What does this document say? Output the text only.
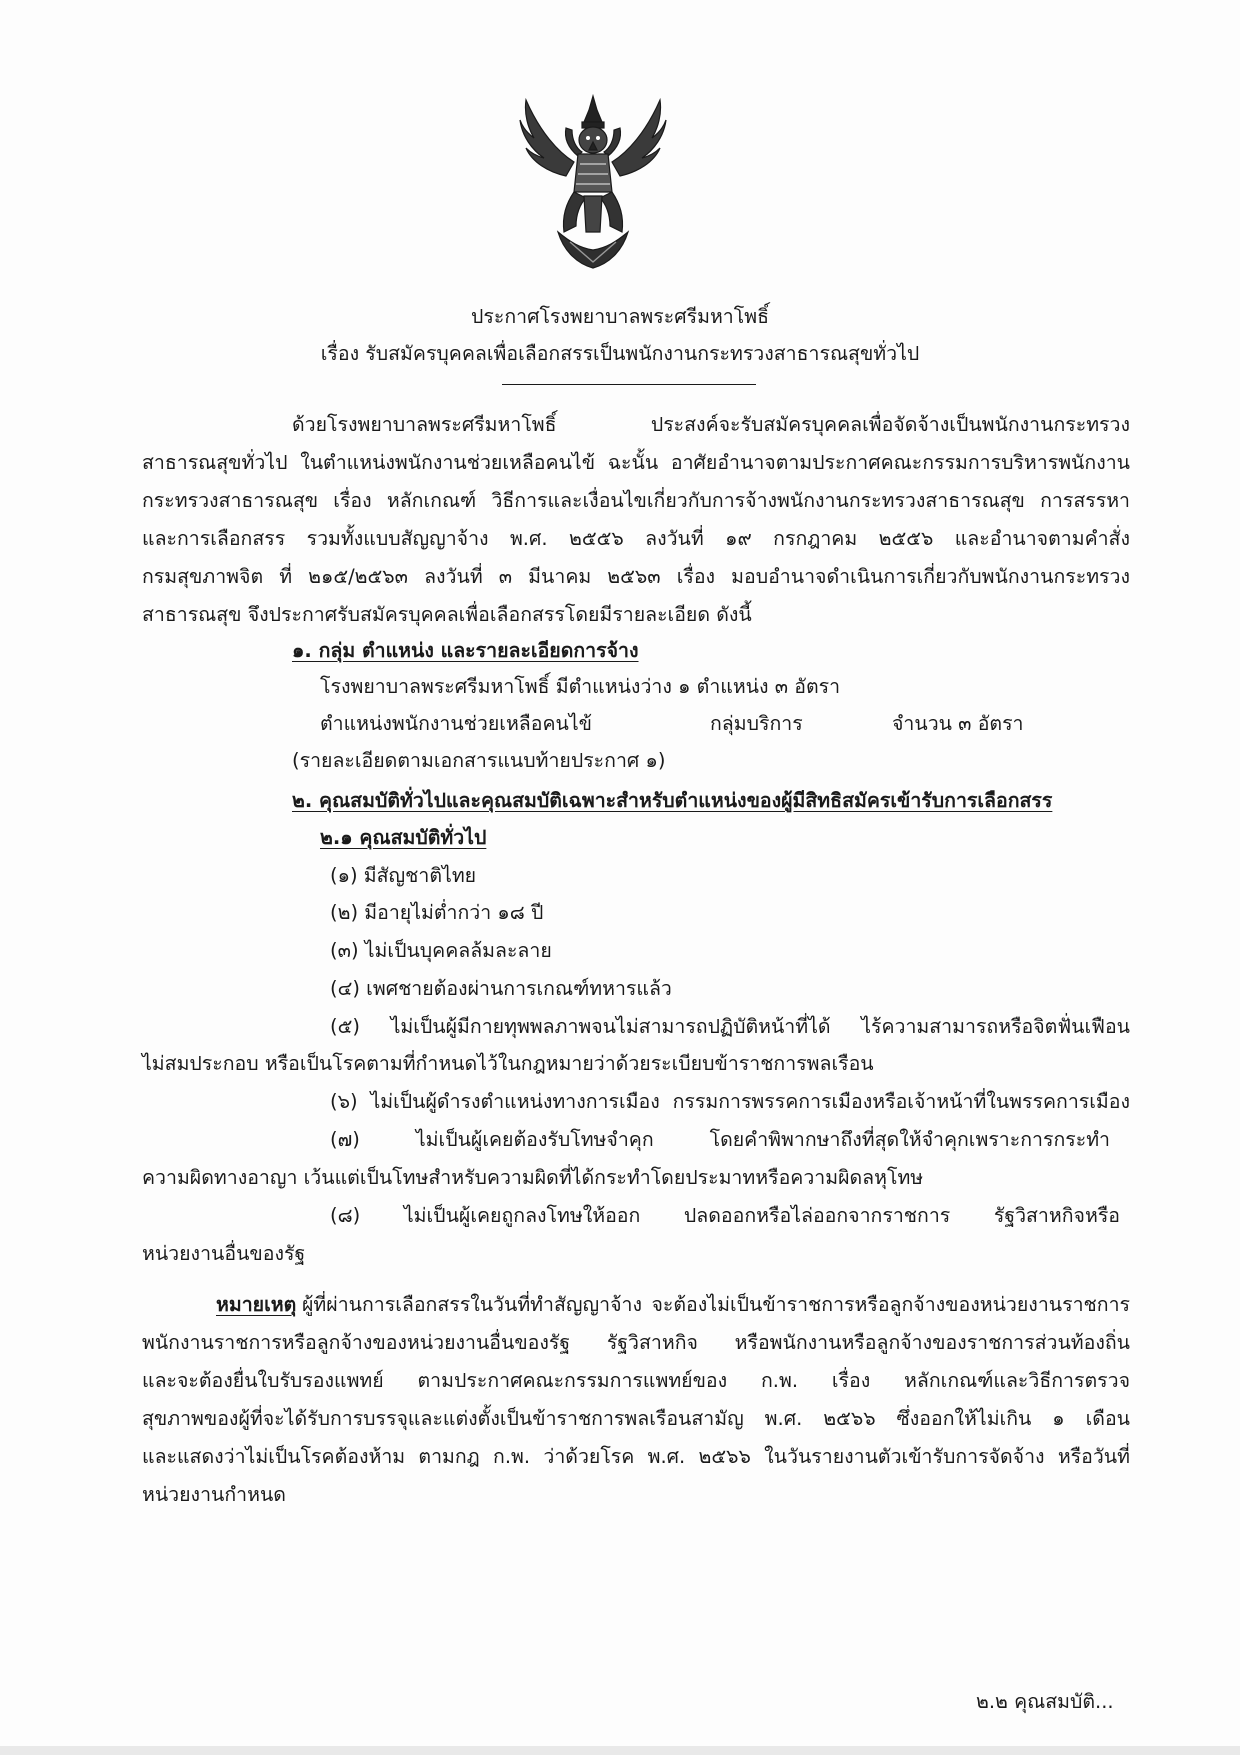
ประกาศโรงพยาบาลพระศรีมหาโพธิ์
เรื่อง รับสมัครบุคคลเพื่อเลือกสรรเป็นพนักงานกระทรวงสาธารณสุขทั่วไป
ด้วยโรงพยาบาลพระศรีมหาโพธิ์ ประสงค์จะรับสมัครบุคคลเพื่อจัดจ้างเป็นพนักงานกระทรวง
สาธารณสุขทั่วไป ในตำแหน่งพนักงานช่วยเหลือคนไข้ ฉะนั้น อาศัยอำนาจตามประกาศคณะกรรมการบริหารพนักงาน
กระทรวงสาธารณสุข เรื่อง หลักเกณฑ์ วิธีการและเงื่อนไขเกี่ยวกับการจ้างพนักงานกระทรวงสาธารณสุข การสรรหา
และการเลือกสรร รวมทั้งแบบสัญญาจ้าง พ.ศ. ๒๕๕๖ ลงวันที่ ๑๙ กรกฎาคม ๒๕๕๖ และอำนาจตามคำสั่ง
กรมสุขภาพจิต ที่ ๒๑๕/๒๕๖๓ ลงวันที่ ๓ มีนาคม ๒๕๖๓ เรื่อง มอบอำนาจดำเนินการเกี่ยวกับพนักงานกระทรวง
สาธารณสุข จึงประกาศรับสมัครบุคคลเพื่อเลือกสรรโดยมีรายละเอียด ดังนี้
๑. กลุ่ม ตำแหน่ง และรายละเอียดการจ้าง
โรงพยาบาลพระศรีมหาโพธิ์ มีตำแหน่งว่าง ๑ ตำแหน่ง ๓ อัตรา
ตำแหน่งพนักงานช่วยเหลือคนไข้	กลุ่มบริการ	จำนวน ๓ อัตรา
(รายละเอียดตามเอกสารแนบท้ายประกาศ ๑)
๒. คุณสมบัติทั่วไปและคุณสมบัติเฉพาะสำหรับตำแหน่งของผู้มีสิทธิสมัครเข้ารับการเลือกสรร
๒.๑ คุณสมบัติทั่วไป
(๑) มีสัญชาติไทย
(๒) มีอายุไม่ต่ำกว่า ๑๘ ปี
(๓) ไม่เป็นบุคคลล้มละลาย
(๔) เพศชายต้องผ่านการเกณฑ์ทหารแล้ว
(๕) ไม่เป็นผู้มีกายทุพพลภาพจนไม่สามารถปฏิบัติหน้าที่ได้ ไร้ความสามารถหรือจิตฟั่นเฟือน
ไม่สมประกอบ หรือเป็นโรคตามที่กำหนดไว้ในกฎหมายว่าด้วยระเบียบข้าราชการพลเรือน
(๖) ไม่เป็นผู้ดำรงตำแหน่งทางการเมือง กรรมการพรรคการเมืองหรือเจ้าหน้าที่ในพรรคการเมือง
(๗) ไม่เป็นผู้เคยต้องรับโทษจำคุก โดยคำพิพากษาถึงที่สุดให้จำคุกเพราะการกระทำ
ความผิดทางอาญา เว้นแต่เป็นโทษสำหรับความผิดที่ได้กระทำโดยประมาทหรือความผิดลหุโทษ
(๘) ไม่เป็นผู้เคยถูกลงโทษให้ออก ปลดออกหรือไล่ออกจากราชการ รัฐวิสาหกิจหรือ
หน่วยงานอื่นของรัฐ
หมายเหตุ ผู้ที่ผ่านการเลือกสรรในวันที่ทำสัญญาจ้าง จะต้องไม่เป็นข้าราชการหรือลูกจ้างของหน่วยงานราชการ
พนักงานราชการหรือลูกจ้างของหน่วยงานอื่นของรัฐ รัฐวิสาหกิจ หรือพนักงานหรือลูกจ้างของราชการส่วนท้องถิ่น
และจะต้องยื่นใบรับรองแพทย์ ตามประกาศคณะกรรมการแพทย์ของ ก.พ. เรื่อง หลักเกณฑ์และวิธีการตรวจ
สุขภาพของผู้ที่จะได้รับการบรรจุและแต่งตั้งเป็นข้าราชการพลเรือนสามัญ พ.ศ. ๒๕๖๖ ซึ่งออกให้ไม่เกิน ๑ เดือน
และแสดงว่าไม่เป็นโรคต้องห้าม ตามกฎ ก.พ. ว่าด้วยโรค พ.ศ. ๒๕๖๖ ในวันรายงานตัวเข้ารับการจัดจ้าง หรือวันที่
หน่วยงานกำหนด
๒.๒ คุณสมบัติ...
